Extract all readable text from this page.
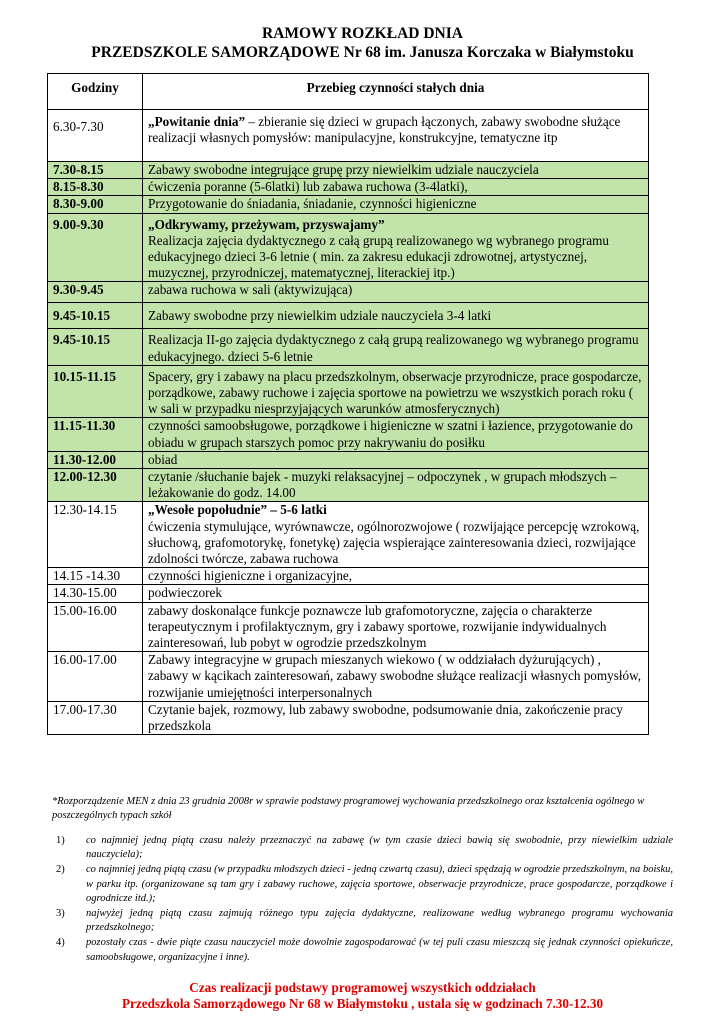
RAMOWY ROZKŁAD DNIA
PRZEDSZKOLE SAMORZĄDOWE Nr 68 im. Janusza Korczaka w Białymstoku
Godziny	Przebieg czynności stałych dnia
6.30-7.30	„Powitanie dnia” – zbieranie się dzieci w grupach łączonych, zabawy swobodne służące realizacji własnych pomysłów: manipulacyjne, konstrukcyjne, tematyczne itp
7.30-8.15	Zabawy swobodne integrujące grupę przy niewielkim udziale nauczyciela
8.15-8.30	ćwiczenia poranne (5-6latki) lub zabawa ruchowa (3-4latki),
8.30-9.00	Przygotowanie do śniadania, śniadanie, czynności higieniczne
9.00-9.30	„Odkrywamy, przeżywam, przyswajamy”
Realizacja zajęcia dydaktycznego z całą grupą realizowanego wg wybranego programu edukacyjnego dzieci 3-6 letnie ( min. za zakresu edukacji zdrowotnej, artystycznej, muzycznej, przyrodniczej, matematycznej, literackiej itp.)

9.30-9.45	zabawa ruchowa w sali (aktywizująca)
9.45-10.15	Zabawy swobodne przy niewielkim udziale nauczyciela 3-4 latki
9.45-10.15	Realizacja II-go zajęcia dydaktycznego z całą grupą realizowanego wg wybranego programu edukacyjnego. dzieci 5-6 letnie
10.15-11.15	Spacery, gry i zabawy na placu przedszkolnym, obserwacje przyrodnicze, prace gospodarcze, porządkowe, zabawy ruchowe i zajęcia sportowe na powietrzu we wszystkich porach roku ( w sali w przypadku niesprzyjających warunków atmosferycznych)
11.15-11.30	czynności samoobsługowe, porządkowe i higieniczne w szatni i łazience, przygotowanie do obiadu w grupach starszych pomoc przy nakrywaniu do posiłku
11.30-12.00	obiad
12.00-12.30	czytanie /słuchanie bajek - muzyki relaksacyjnej – odpoczynek , w grupach młodszych – leżakowanie do godz. 14.00
12.30-14.15	„Wesołe popołudnie” – 5-6 latki
ćwiczenia stymulujące, wyrównawcze, ogólnorozwojowe ( rozwijające percepcję wzrokową, słuchową, grafomotorykę, fonetykę) zajęcia wspierające zainteresowania dzieci, rozwijające zdolności twórcze, zabawa ruchowa

14.15 -14.30	czynności higieniczne i organizacyjne,
14.30-15.00	podwieczorek
15.00-16.00	zabawy doskonalące funkcje poznawcze lub grafomotoryczne, zajęcia o charakterze terapeutycznym i profilaktycznym, gry i zabawy sportowe, rozwijanie indywidualnych zainteresowań, lub pobyt w ogrodzie przedszkolnym
16.00-17.00	Zabawy integracyjne w grupach mieszanych wiekowo ( w oddziałach dyżurujących) , zabawy w kącikach zainteresowań, zabawy swobodne służące realizacji własnych pomysłów, rozwijanie umiejętności interpersonalnych
17.00-17.30	Czytanie bajek, rozmowy, lub zabawy swobodne, podsumowanie dnia, zakończenie pracy przedszkola
*Rozporządzenie MEN z dnia 23 grudnia 2008r w sprawie podstawy programowej wychowania przedszkolnego oraz kształcenia ogólnego w poszczególnych typach szkół
1) co najmniej jedną piątą czasu należy przeznaczyć na zabawę (w tym czasie dzieci bawią się swobodnie, przy niewielkim udziale nauczyciela);
2) co najmniej jedną piątą czasu (w przypadku młodszych dzieci - jedną czwartą czasu), dzieci spędzają w ogrodzie przedszkolnym, na boisku, w parku itp. (organizowane są tam gry i zabawy ruchowe, zajęcia sportowe, obserwacje przyrodnicze, prace gospodarcze, porządkowe i ogrodnicze itd.);
3) najwyżej jedną piątą czasu zajmują różnego typu zajęcia dydaktyczne, realizowane według wybranego programu wychowania przedszkolnego;
4) pozostały czas - dwie piąte czasu nauczyciel może dowolnie zagospodarować (w tej puli czasu mieszczą się jednak czynności opiekuńcze, samoobsługowe, organizacyjne i inne).
Czas realizacji podstawy programowej wszystkich oddziałach
Przedszkola Samorządowego Nr 68 w Białymstoku , ustala się w godzinach 7.30-12.30
